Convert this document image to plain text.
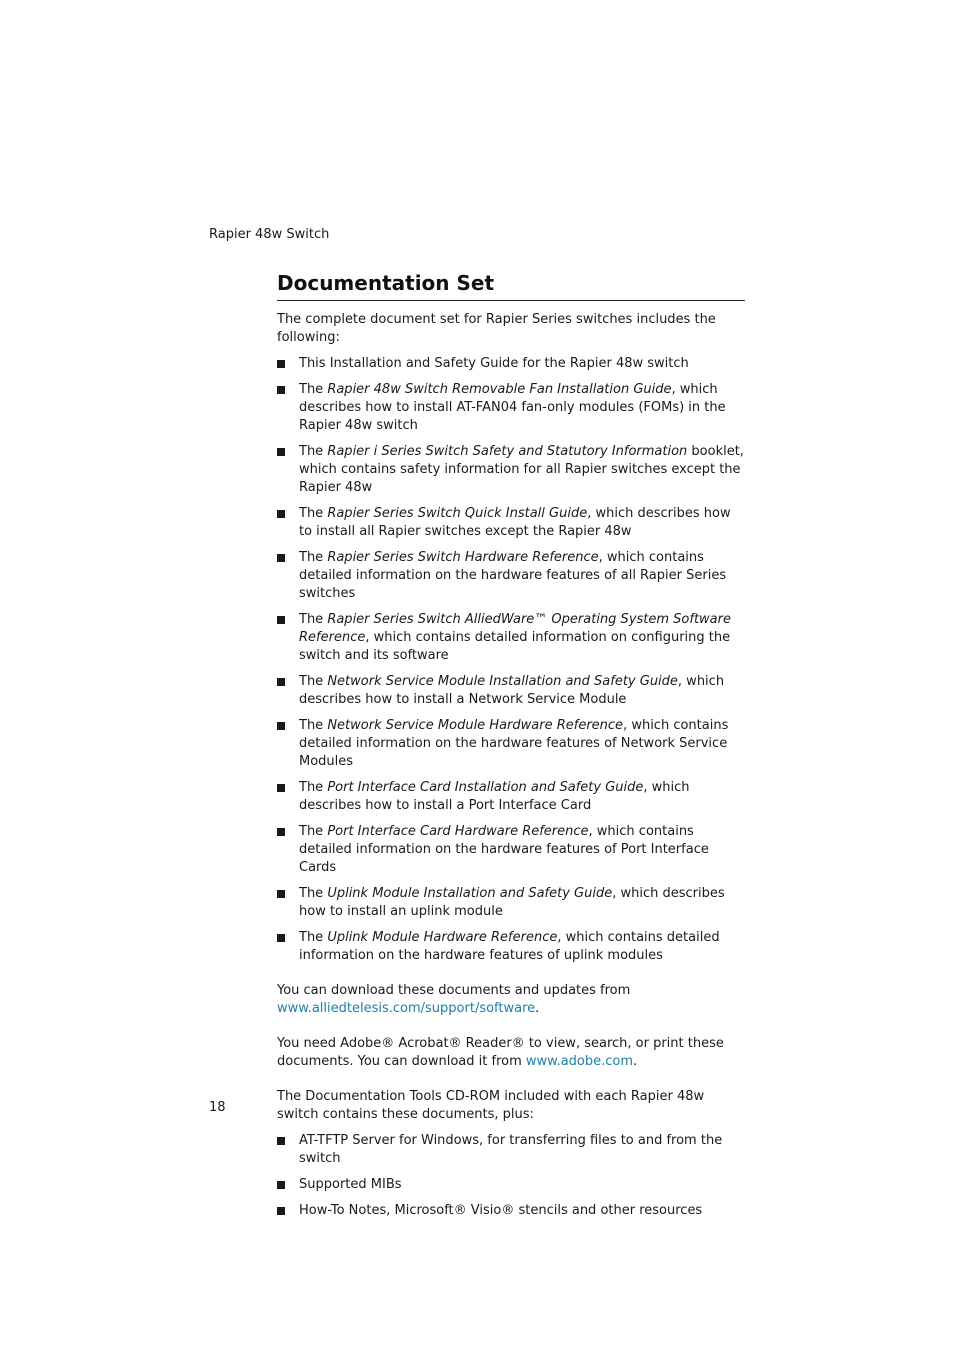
Rapier 48w Switch
Documentation Set
The complete document set for Rapier Series switches includes the following:
This Installation and Safety Guide for the Rapier 48w switch
The Rapier 48w Switch Removable Fan Installation Guide, which describes how to install AT-FAN04 fan-only modules (FOMs) in the Rapier 48w switch
The Rapier i Series Switch Safety and Statutory Information booklet, which contains safety information for all Rapier switches except the Rapier 48w
The Rapier Series Switch Quick Install Guide, which describes how to install all Rapier switches except the Rapier 48w
The Rapier Series Switch Hardware Reference, which contains detailed information on the hardware features of all Rapier Series switches
The Rapier Series Switch AlliedWare™ Operating System Software Reference, which contains detailed information on configuring the switch and its software
The Network Service Module Installation and Safety Guide, which describes how to install a Network Service Module
The Network Service Module Hardware Reference, which contains detailed information on the hardware features of Network Service Modules
The Port Interface Card Installation and Safety Guide, which describes how to install a Port Interface Card
The Port Interface Card Hardware Reference, which contains detailed information on the hardware features of Port Interface Cards
The Uplink Module Installation and Safety Guide, which describes how to install an uplink module
The Uplink Module Hardware Reference, which contains detailed information on the hardware features of uplink modules
You can download these documents and updates from
www.alliedtelesis.com/support/software.
You need Adobe® Acrobat® Reader® to view, search, or print these documents. You can download it from www.adobe.com.
The Documentation Tools CD-ROM included with each Rapier 48w switch contains these documents, plus:
AT-TFTP Server for Windows, for transferring files to and from the switch
Supported MIBs
How-To Notes, Microsoft® Visio® stencils and other resources
18
